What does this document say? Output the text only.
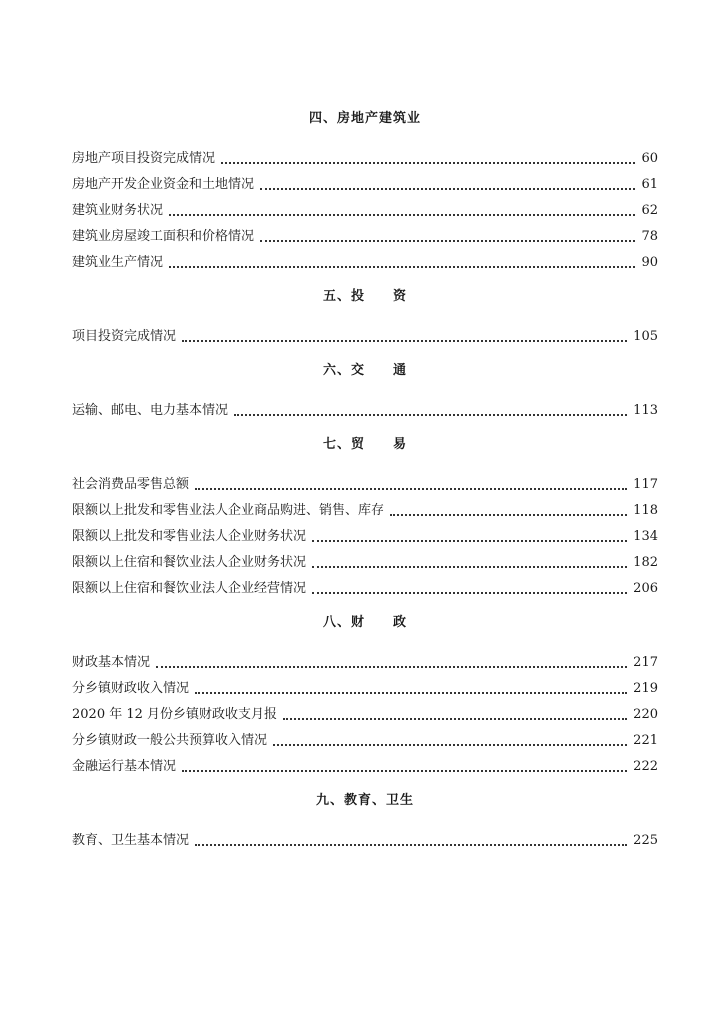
四、房地产建筑业
房地产项目投资完成情况	60
房地产开发企业资金和土地情况	61
建筑业财务状况	62
建筑业房屋竣工面积和价格情况	78
建筑业生产情况	90
五、投　　资
项目投资完成情况	105
六、交　　通
运输、邮电、电力基本情况	113
七、贸　　易
社会消费品零售总额	117
限额以上批发和零售业法人企业商品购进、销售、库存	118
限额以上批发和零售业法人企业财务状况	134
限额以上住宿和餐饮业法人企业财务状况	182
限额以上住宿和餐饮业法人企业经营情况	206
八、财　　政
财政基本情况	217
分乡镇财政收入情况	219
2020 年 12 月份乡镇财政收支月报	220
分乡镇财政一般公共预算收入情况	221
金融运行基本情况	222
九、教育、卫生
教育、卫生基本情况	225
